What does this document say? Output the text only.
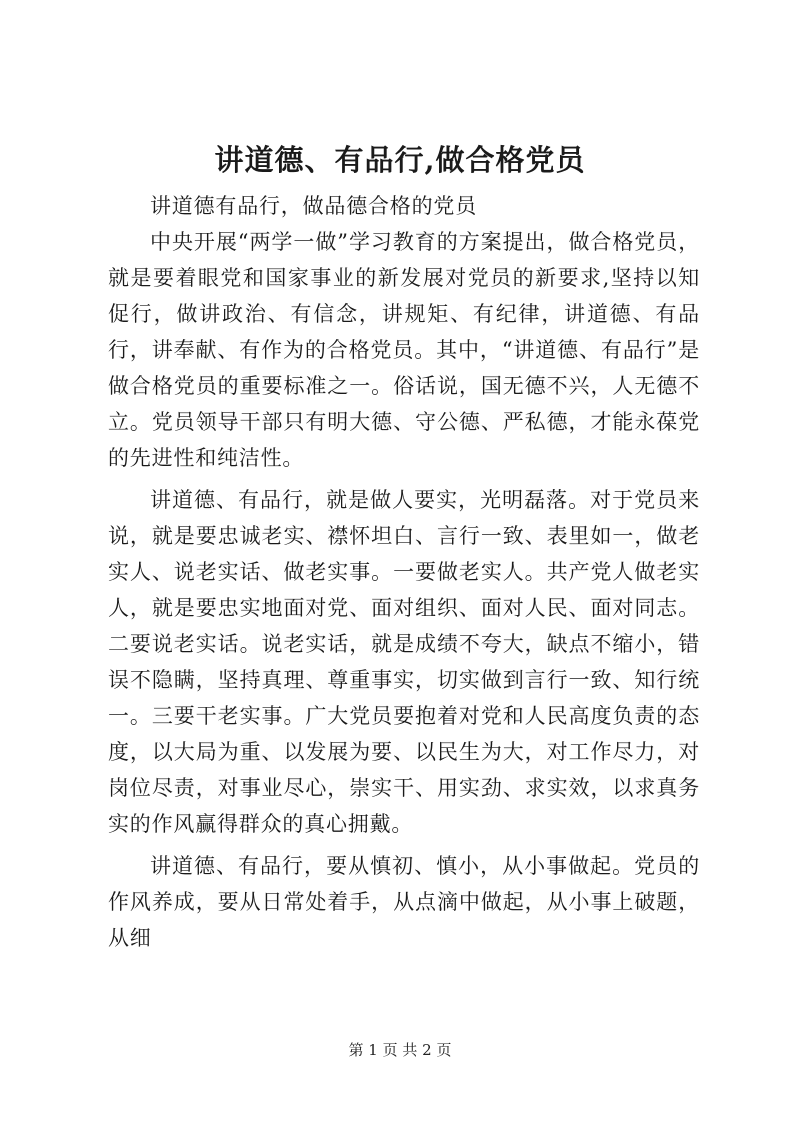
讲道德、有品行,做合格党员

讲道德有品行，做品德合格的党员

中央开展“两学一做”学习教育的方案提出，做合格党员，就是要着眼党和国家事业的新发展对党员的新要求,坚持以知促行，做讲政治、有信念，讲规矩、有纪律，讲道德、有品行，讲奉献、有作为的合格党员。其中，“讲道德、有品行”是做合格党员的重要标准之一。俗话说，国无德不兴，人无德不立。党员领导干部只有明大德、守公德、严私德，才能永葆党的先进性和纯洁性。

讲道德、有品行，就是做人要实，光明磊落。对于党员来说，就是要忠诚老实、襟怀坦白、言行一致、表里如一，做老实人、说老实话、做老实事。一要做老实人。共产党人做老实人，就是要忠实地面对党、面对组织、面对人民、面对同志。二要说老实话。说老实话，就是成绩不夸大，缺点不缩小，错误不隐瞒，坚持真理、尊重事实，切实做到言行一致、知行统一。三要干老实事。广大党员要抱着对党和人民高度负责的态度，以大局为重、以发展为要、以民生为大，对工作尽力，对岗位尽责，对事业尽心，崇实干、用实劲、求实效，以求真务实的作风赢得群众的真心拥戴。

讲道德、有品行，要从慎初、慎小，从小事做起。党员的作风养成，要从日常处着手，从点滴中做起，从小事上破题，从细

第 1 页 共 2 页
